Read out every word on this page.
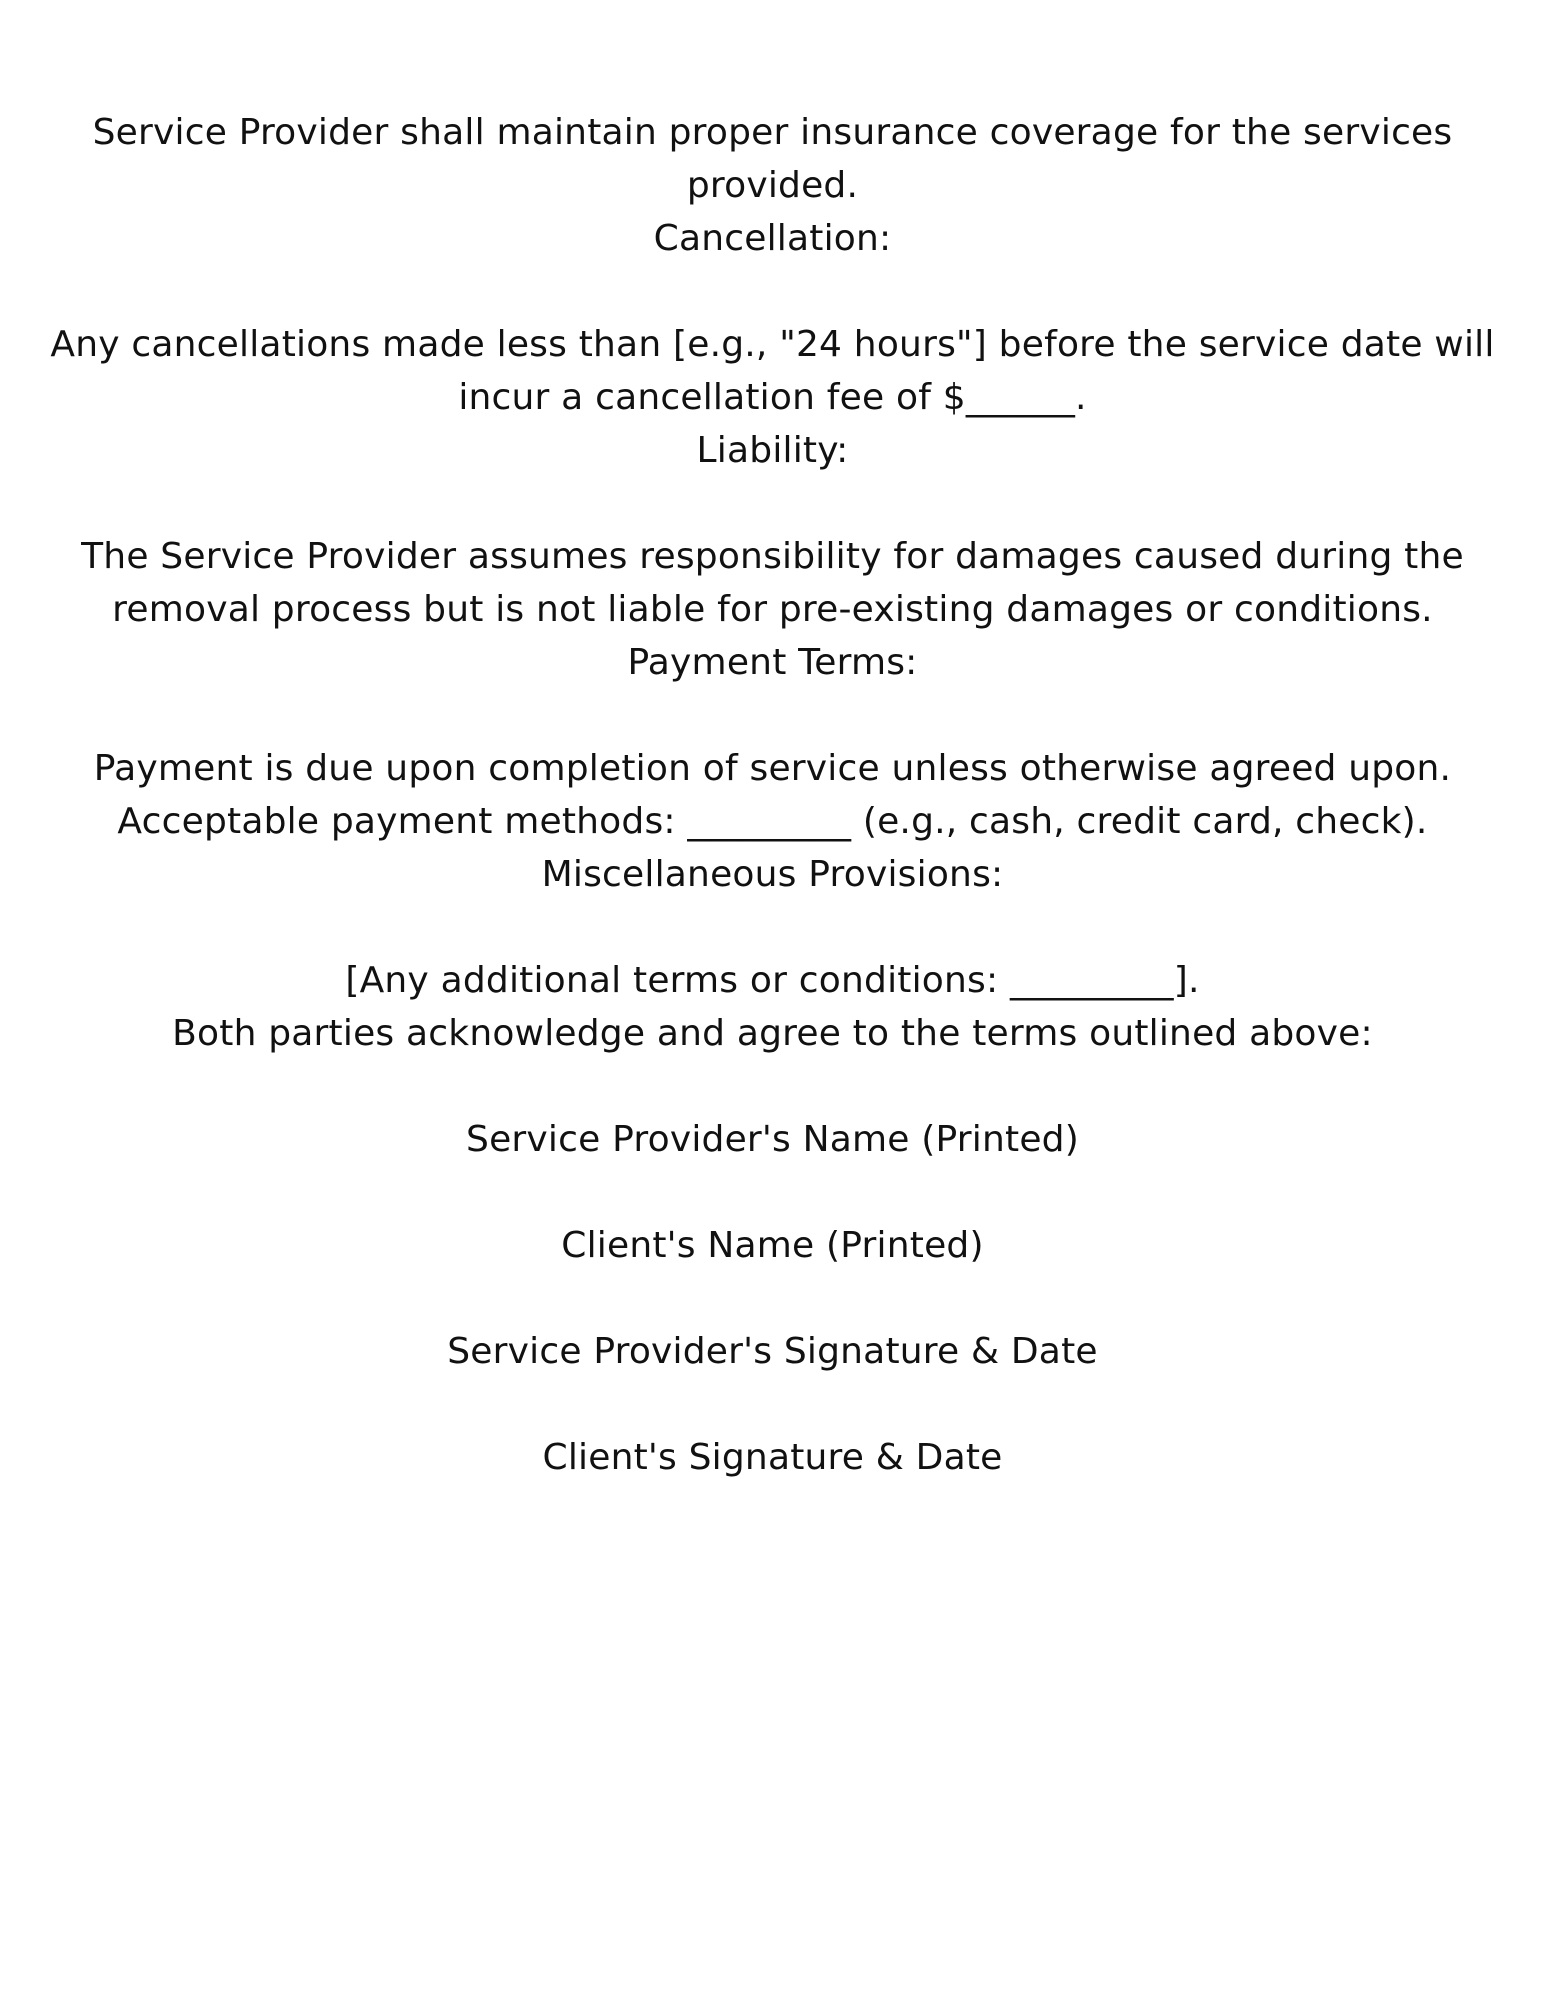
Service Provider shall maintain proper insurance coverage for the services provided.

Cancellation:

Any cancellations made less than [e.g., "24 hours"] before the service date will

incur a cancellation fee of $______.

Liability:

The Service Provider assumes responsibility for damages caused during the

removal process but is not liable for pre-existing damages or conditions.

Payment Terms:

Payment is due upon completion of service unless otherwise agreed upon.

Acceptable payment methods: _________ (e.g., cash, credit card, check).

Miscellaneous Provisions:

[Any additional terms or conditions: _________].

Both parties acknowledge and agree to the terms outlined above:

Service Provider's Name (Printed)

Client's Name (Printed)

Service Provider's Signature & Date

Client's Signature & Date
